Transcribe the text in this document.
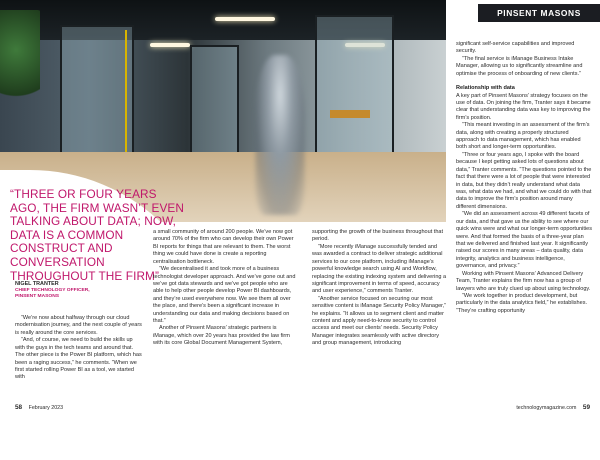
PINSENT MASONS
“THREE OR FOUR YEARS AGO, THE FIRM WASN’T EVEN TALKING ABOUT DATA; NOW, DATA IS A COMMON CONSTRUCT AND CONVERSATION THROUGHOUT THE FIRM”
NIGEL TRANTER
CHIEF TECHNOLOGY OFFICER,
PINSENT MASONS

“We’re now about halfway through our cloud modernisation journey, and the next couple of years is really around the core services.

“And, of course, we need to build the skills up with the guys in the tech teams and around that. The other piece is the Power BI platform, which has been a raging success,” he comments. “When we first started rolling Power BI as a tool, we started with

a small community of around 200 people. We’ve now got around 70% of the firm who can develop their own Power BI reports for things that are relevant to them. The worst thing we could have done is create a reporting centralisation bottleneck.

“We decentralised it and took more of a business technologist developer approach. And we’ve gone out and we’ve got data stewards and we’ve got people who are able to help other people develop Power BI dashboards, and they’re used everywhere now. We see them all over the place, and there’s been a significant increase in understanding our data and making decisions based on that.”

Another of Pinsent Masons’ strategic partners is iManage, which over 20 years has provided the law firm with its core Global Document Management System,

supporting the growth of the business throughout that period.

“More recently iManage successfully tended and was awarded a contract to deliver strategic additional services to our core platform, including iManage’s powerful knowledge search using AI and Workflow, replacing the existing indexing system and delivering a significant improvement in terms of speed, accuracy and user experience,” comments Tranter.

“Another service focused on securing our most sensitive content is iManage Security Policy Manager,” he explains. “It allows us to segment client and matter content and apply need-to-know security to control access and meet our clients’ needs. Security Policy Manager integrates seamlessly with active directory and group management, introducing

significant self-service capabilities and improved security.

“The final service is iManage Business Intake Manager, allowing us to significantly streamline and optimise the process of onboarding of new clients.”

Relationship with data

A key part of Pinsent Masons’ strategy focuses on the use of data. On joining the firm, Tranter says it became clear that understanding data was key to improving the firm’s position.

“This meant investing in an assessment of the firm’s data, along with creating a properly structured approach to data management, which has enabled both short and longer-term opportunities.

“Three or four years ago, I spoke with the board because I kept getting asked lots of questions about data,” Tranter comments. “The questions pointed to the fact that there were a lot of people that were interested in data, but they didn’t really understand what data was, what data we had, and what we could do with that data to improve the firm’s position around many different dimensions.

“We did an assessment across 49 different facets of our data, and that gave us the ability to see where our quick wins were and what our longer-term opportunities were. And that formed the basis of a three-year plan that we delivered and finished last year. It significantly raised our scores in many areas – data quality, data integrity, analytics and business intelligence, governance, and privacy.”

Working with Pinsent Masons’ Advanced Delivery Team, Tranter explains the firm now has a group of lawyers who are truly clued up about using technology.

“We work together in product development, but particularly in the data analytics field,” he establishes. “They’re crafting opportunity

58 February 2023	technologymagazine.com 59
